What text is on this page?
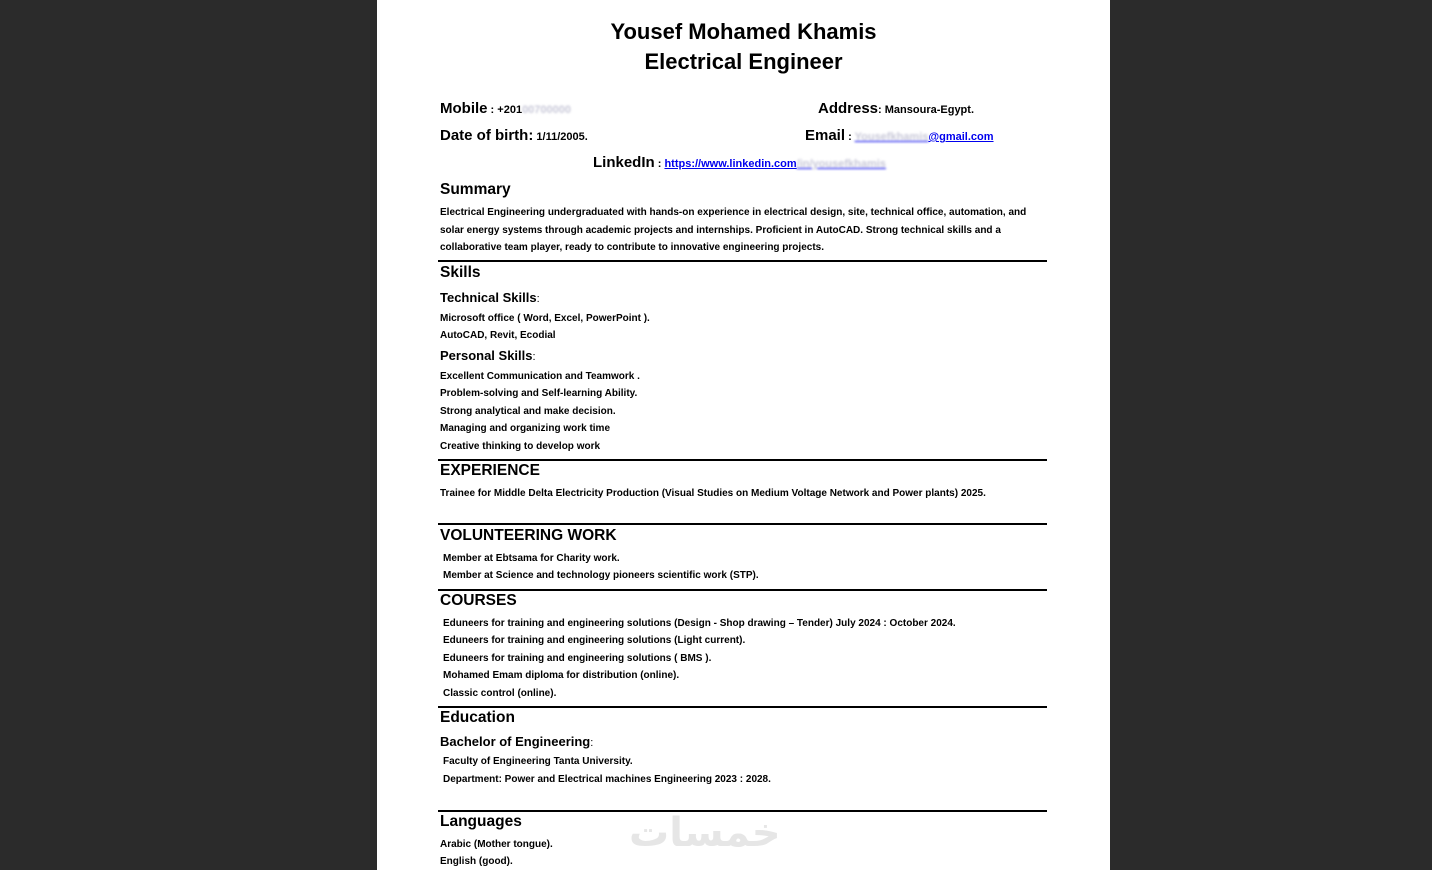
Yousef Mohamed Khamis
Electrical Engineer
Mobile : +20100700000	Address: Mansoura-Egypt.
Date of birth: 1/11/2005.	Email : Yousefkhamis@gmail.com
LinkedIn : https://www.linkedin.com/in/yousefkhamis
Summary
Electrical Engineering undergraduated with hands-on experience in electrical design, site, technical office, automation, and
solar energy systems through academic projects and internships. Proficient in AutoCAD. Strong technical skills and a
collaborative team player, ready to contribute to innovative engineering projects.
Skills
Technical Skills:
Microsoft office ( Word, Excel, PowerPoint ).
AutoCAD, Revit, Ecodial
Personal Skills:
Excellent Communication and Teamwork .
Problem-solving and Self-learning Ability.
Strong analytical and make decision.
Managing and organizing work time
Creative thinking to develop work
EXPERIENCE
Trainee for Middle Delta Electricity Production (Visual Studies on Medium Voltage Network and Power plants) 2025.
VOLUNTEERING WORK
Member at Ebtsama for Charity work.
Member at Science and technology pioneers scientific work (STP).
COURSES
Eduneers for training and engineering solutions (Design - Shop drawing – Tender) July 2024 : October 2024.
Eduneers for training and engineering solutions (Light current).
Eduneers for training and engineering solutions ( BMS ).
Mohamed Emam diploma for distribution (online).
Classic control (online).
Education
Bachelor of Engineering:
Faculty of Engineering Tanta University.
Department: Power and Electrical machines Engineering 2023 : 2028.
Languages
Arabic (Mother tongue).
English (good).
خمسات
